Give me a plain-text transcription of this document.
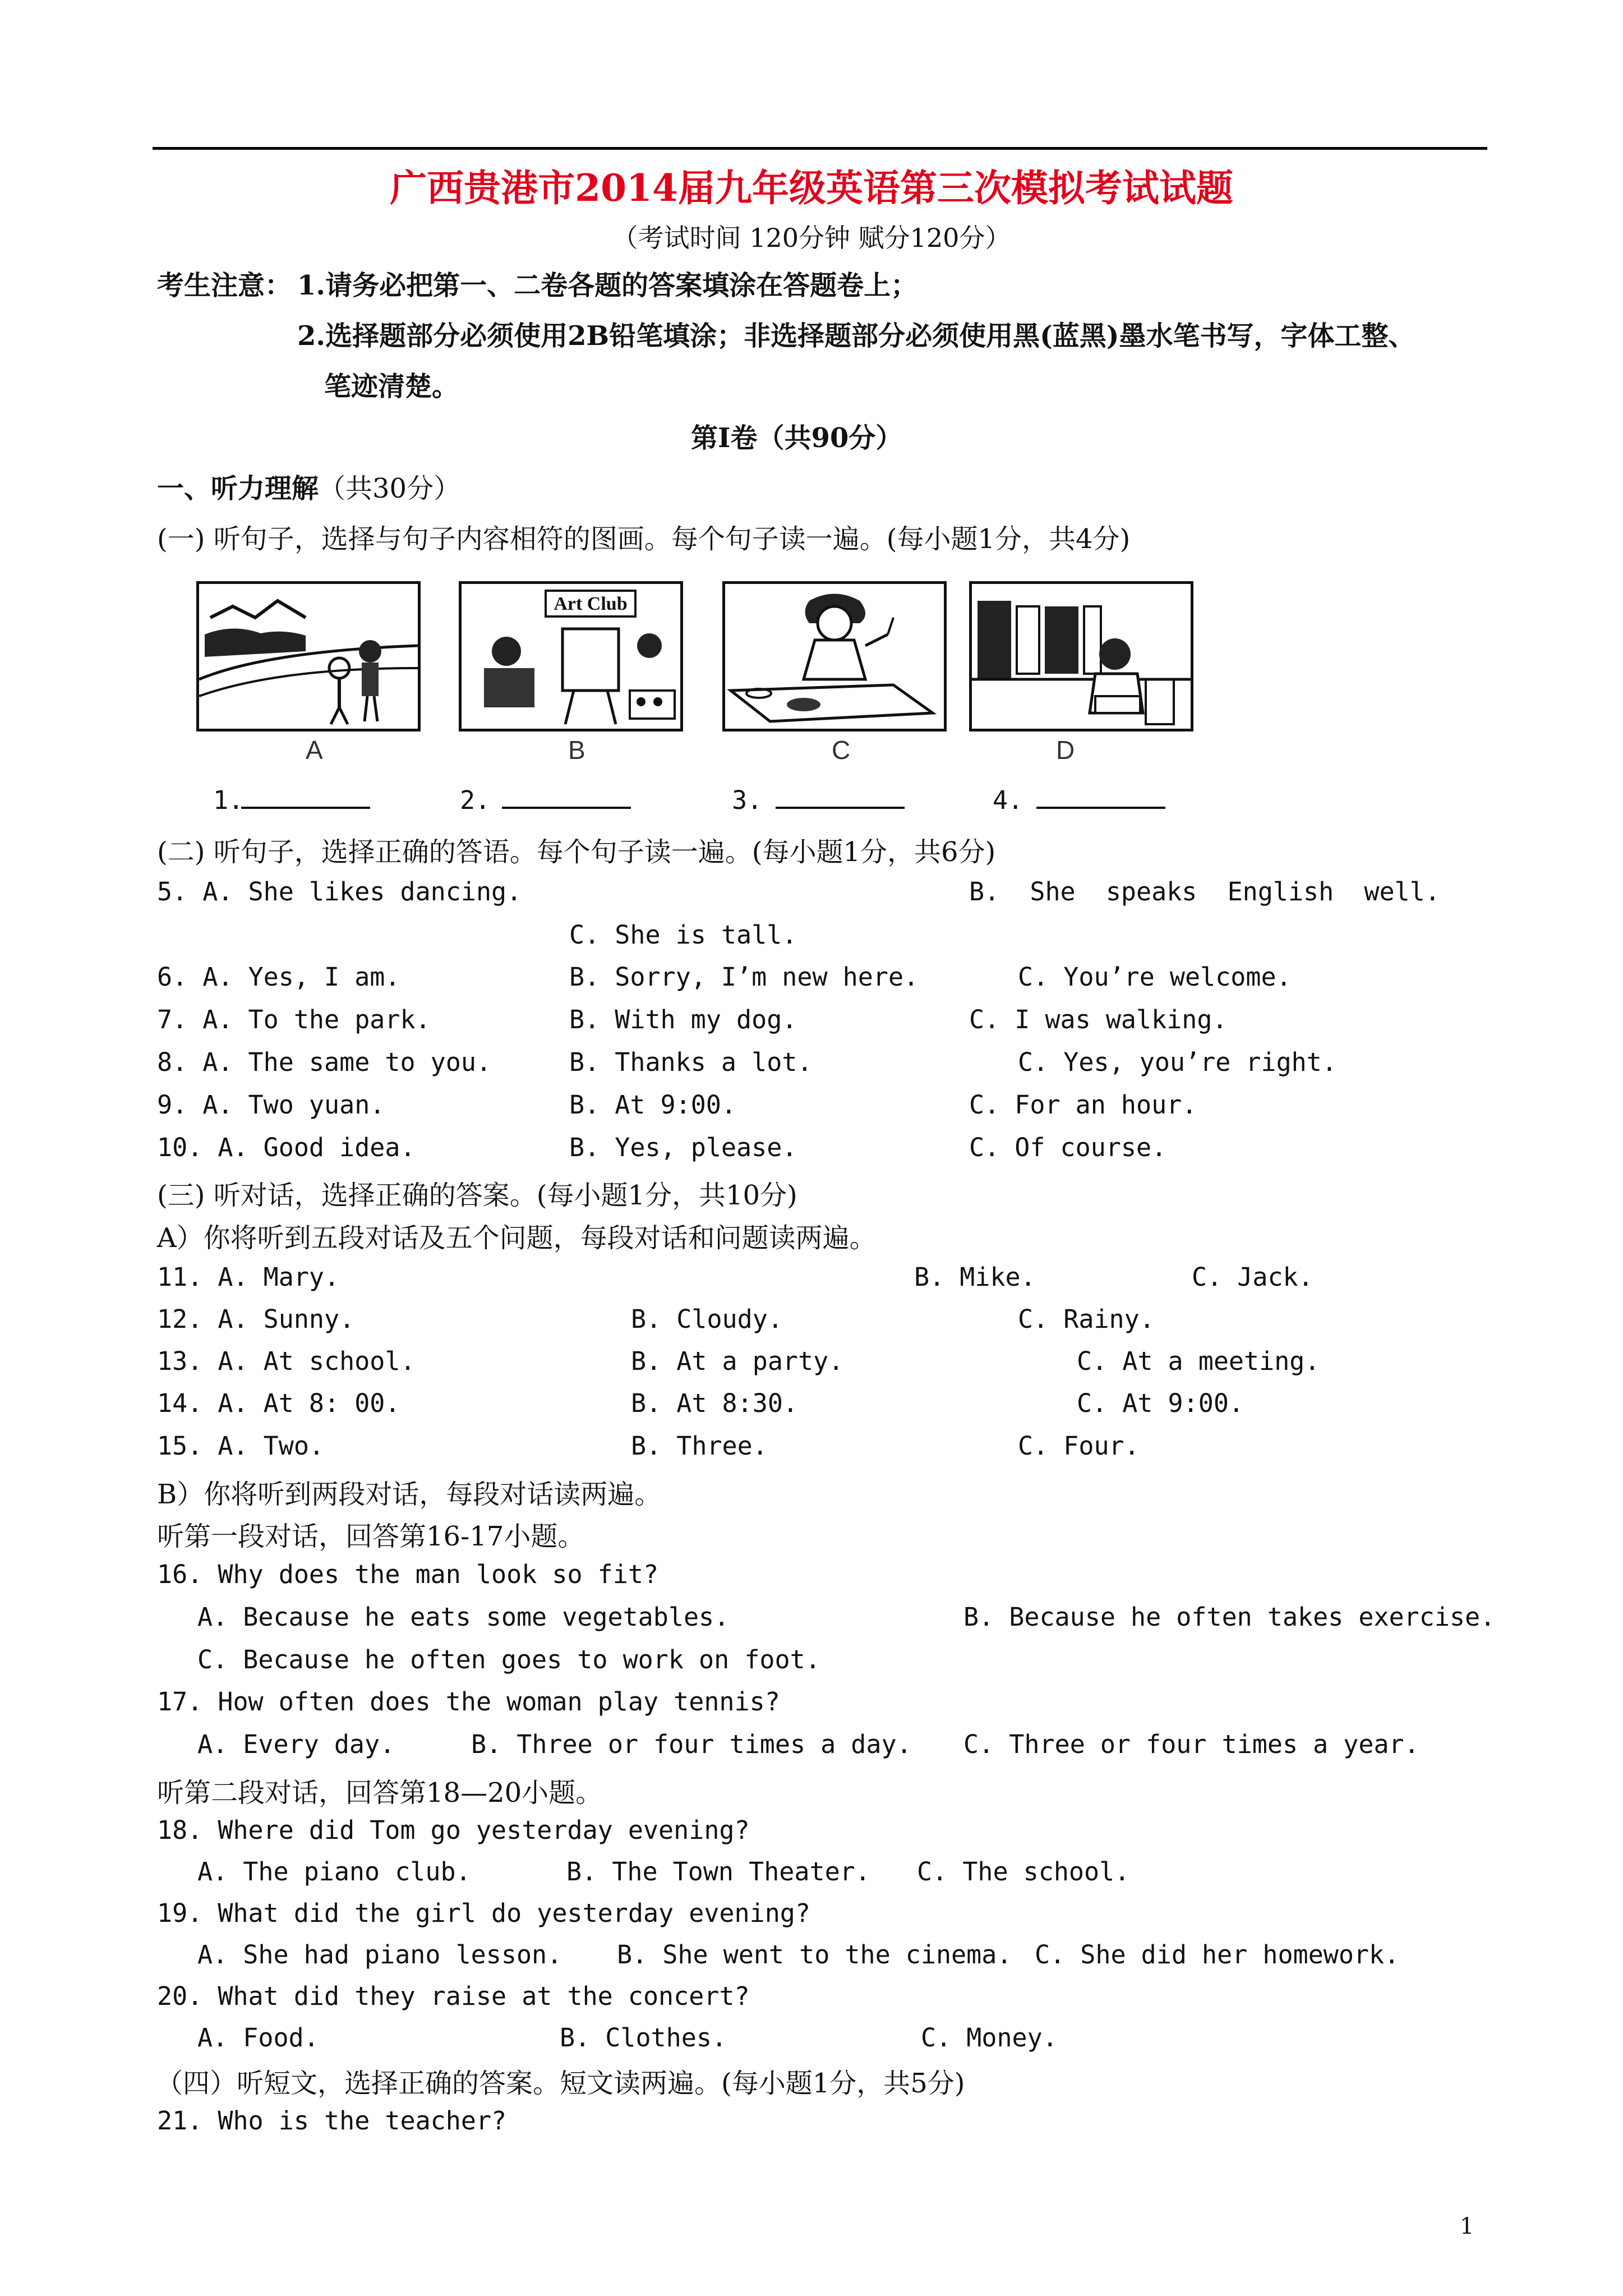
广西贵港市2014届九年级英语第三次模拟考试试题
（考试时间 120分钟 赋分120分）
考生注意： 1.请务必把第一、二卷各题的答案填涂在答题卷上；
2.选择题部分必须使用2B铅笔填涂；非选择题部分必须使用黑(蓝黑)墨水笔书写，字体工整、
笔迹清楚。
第Ⅰ卷（共90分）
一、听力理解（共30分）
(一) 听句子，选择与句子内容相符的图画。每个句子读一遍。(每小题1分，共4分)
Art Club
A	B	C	D
1.	2.	3.	4.
(二) 听句子，选择正确的答语。每个句子读一遍。(每小题1分，共6分)
5. A. She likes dancing.	B.  She  speaks  English  well.
C. She is tall.
6. A. Yes, I am.	B. Sorry, I’m new here.	C. You’re welcome.
7. A. To the park.	B. With my dog.	C. I was walking.
8. A. The same to you.	B. Thanks a lot.	C. Yes, you’re right.
9. A. Two yuan.	B. At 9:00.	C. For an hour.
10. A. Good idea.	B. Yes, please.	C. Of course.
(三) 听对话，选择正确的答案。(每小题1分，共10分)
A）你将听到五段对话及五个问题，每段对话和问题读两遍。
11. A. Mary.	B. Mike.	C. Jack.
12. A. Sunny.	B. Cloudy.	C. Rainy.
13. A. At school.	B. At a party.	C. At a meeting.
14. A. At 8: 00.	B. At 8:30.	C. At 9:00.
15. A. Two.	B. Three.	C. Four.
B）你将听到两段对话，每段对话读两遍。
听第一段对话，回答第16-17小题。
16. Why does the man look so fit?
A. Because he eats some vegetables.	B. Because he often takes exercise.
C. Because he often goes to work on foot.
17. How often does the woman play tennis?
A. Every day.	B. Three or four times a day. C. Three or four times a year.
听第二段对话，回答第18—20小题。
18. Where did Tom go yesterday evening?
A. The piano club.	B. The Town Theater. C. The school.
19. What did the girl do yesterday evening?
A. She had piano lesson. B. She went to the cinema. C. She did her homework.
20. What did they raise at the concert?
A. Food.	B. Clothes.	C. Money.
（四）听短文，选择正确的答案。短文读两遍。(每小题1分，共5分)
21. Who is the teacher?
1
